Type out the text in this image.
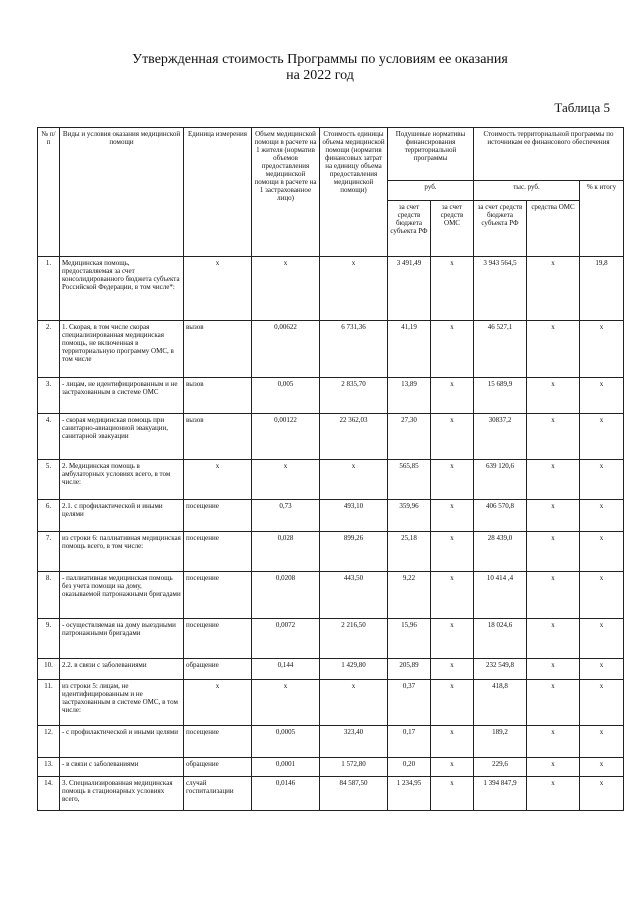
Утвержденная стоимость Программы по условиям ее оказания
на 2022 год
Таблица 5
№ п/п	Виды и условия оказания медицинской помощи	Единица измерения	Объем медицинской помощи в расчете на 1 жителя (норматив объемов предоставления медицинской помощи в расчете на 1 застрахованное лицо)	Стоимость единицы объема медицинской помощи (норматив финансовых затрат на единицу объема предоставления медицинской помощи)	Подушевые нормативы финансирования территориальной программы		Стоимость территориальной программы по источникам ее финансового обеспечения		
					руб.		тыс. руб.		% к итогу
					за счет средств бюджета субъекта РФ	за счет средств ОМС	за счет средств бюджета субъекта РФ	средства ОМС	
1.	Медицинская помощь, предоставляемая за счет консолидированного бюджета субъекта Российской Федерации, в том числе*:	x	x	x	3 491,49	x	3 943 564,5	x	19,8
2.	1. Скорая, в том числе скорая специализированная медицинская помощь, не включенная в территориальную программу ОМС, в том числе	вызов	0,00622	6 731,36	41,19	x	46 527,1	x	x
3.	- лицам, не идентифицированным и не застрахованным в системе ОМС	вызов	0,005	2 835,70	13,89	x	15 689,9	x	x
4.	- скорая медицинская помощь при санитарно-авиационной эвакуации, санитарной эвакуации	вызов	0,00122	22 362,03	27,30	x	30837,2	x	x
5.	2. Медицинская помощь в амбулаторных условиях всего, в том числе:	x	x	x	565,85	x	639 120,6	x	x
6.	2.1. с профилактической и иными целями	посещение	0,73	493,10	359,96	x	406 570,8	x	x
7.	из строки 6: паллиативная медицинская помощь всего, в том числе:	посещение	0,028	899,26	25,18	x	28 439,0	x	x
8.	- паллиативная медицинская помощь без учета помощи на дому, оказываемой патронажными бригадами	посещение	0,0208	443,50	9,22	x	10 414 ,4	x	x
9.	- осуществляемая на дому выездными патронажными бригадами	посещение	0,0072	2 216,50	15,96	x	18 024,6	x	x
10.	2.2. в связи с заболеваниями	обращение	0,144	1 429,80	205,89	x	232 549,8	x	x
11.	из строки 5: лицам, не идентифицированным и не застрахованным в системе ОМС, в том числе:	x	x	x	0,37	x	418,8	x	x
12.	- с профилактической и иными целями	посещение	0,0005	323,40	0,17	x	189,2	x	x
13.	- в связи с заболеваниями	обращение	0,0001	1 572,80	0,20	x	229,6	x	x
14.	3. Специализированная медицинская помощь в стационарных условиях всего,	случай госпитализации	0,0146	84 587,50	1 234,95	x	1 394 847,9	x	x
